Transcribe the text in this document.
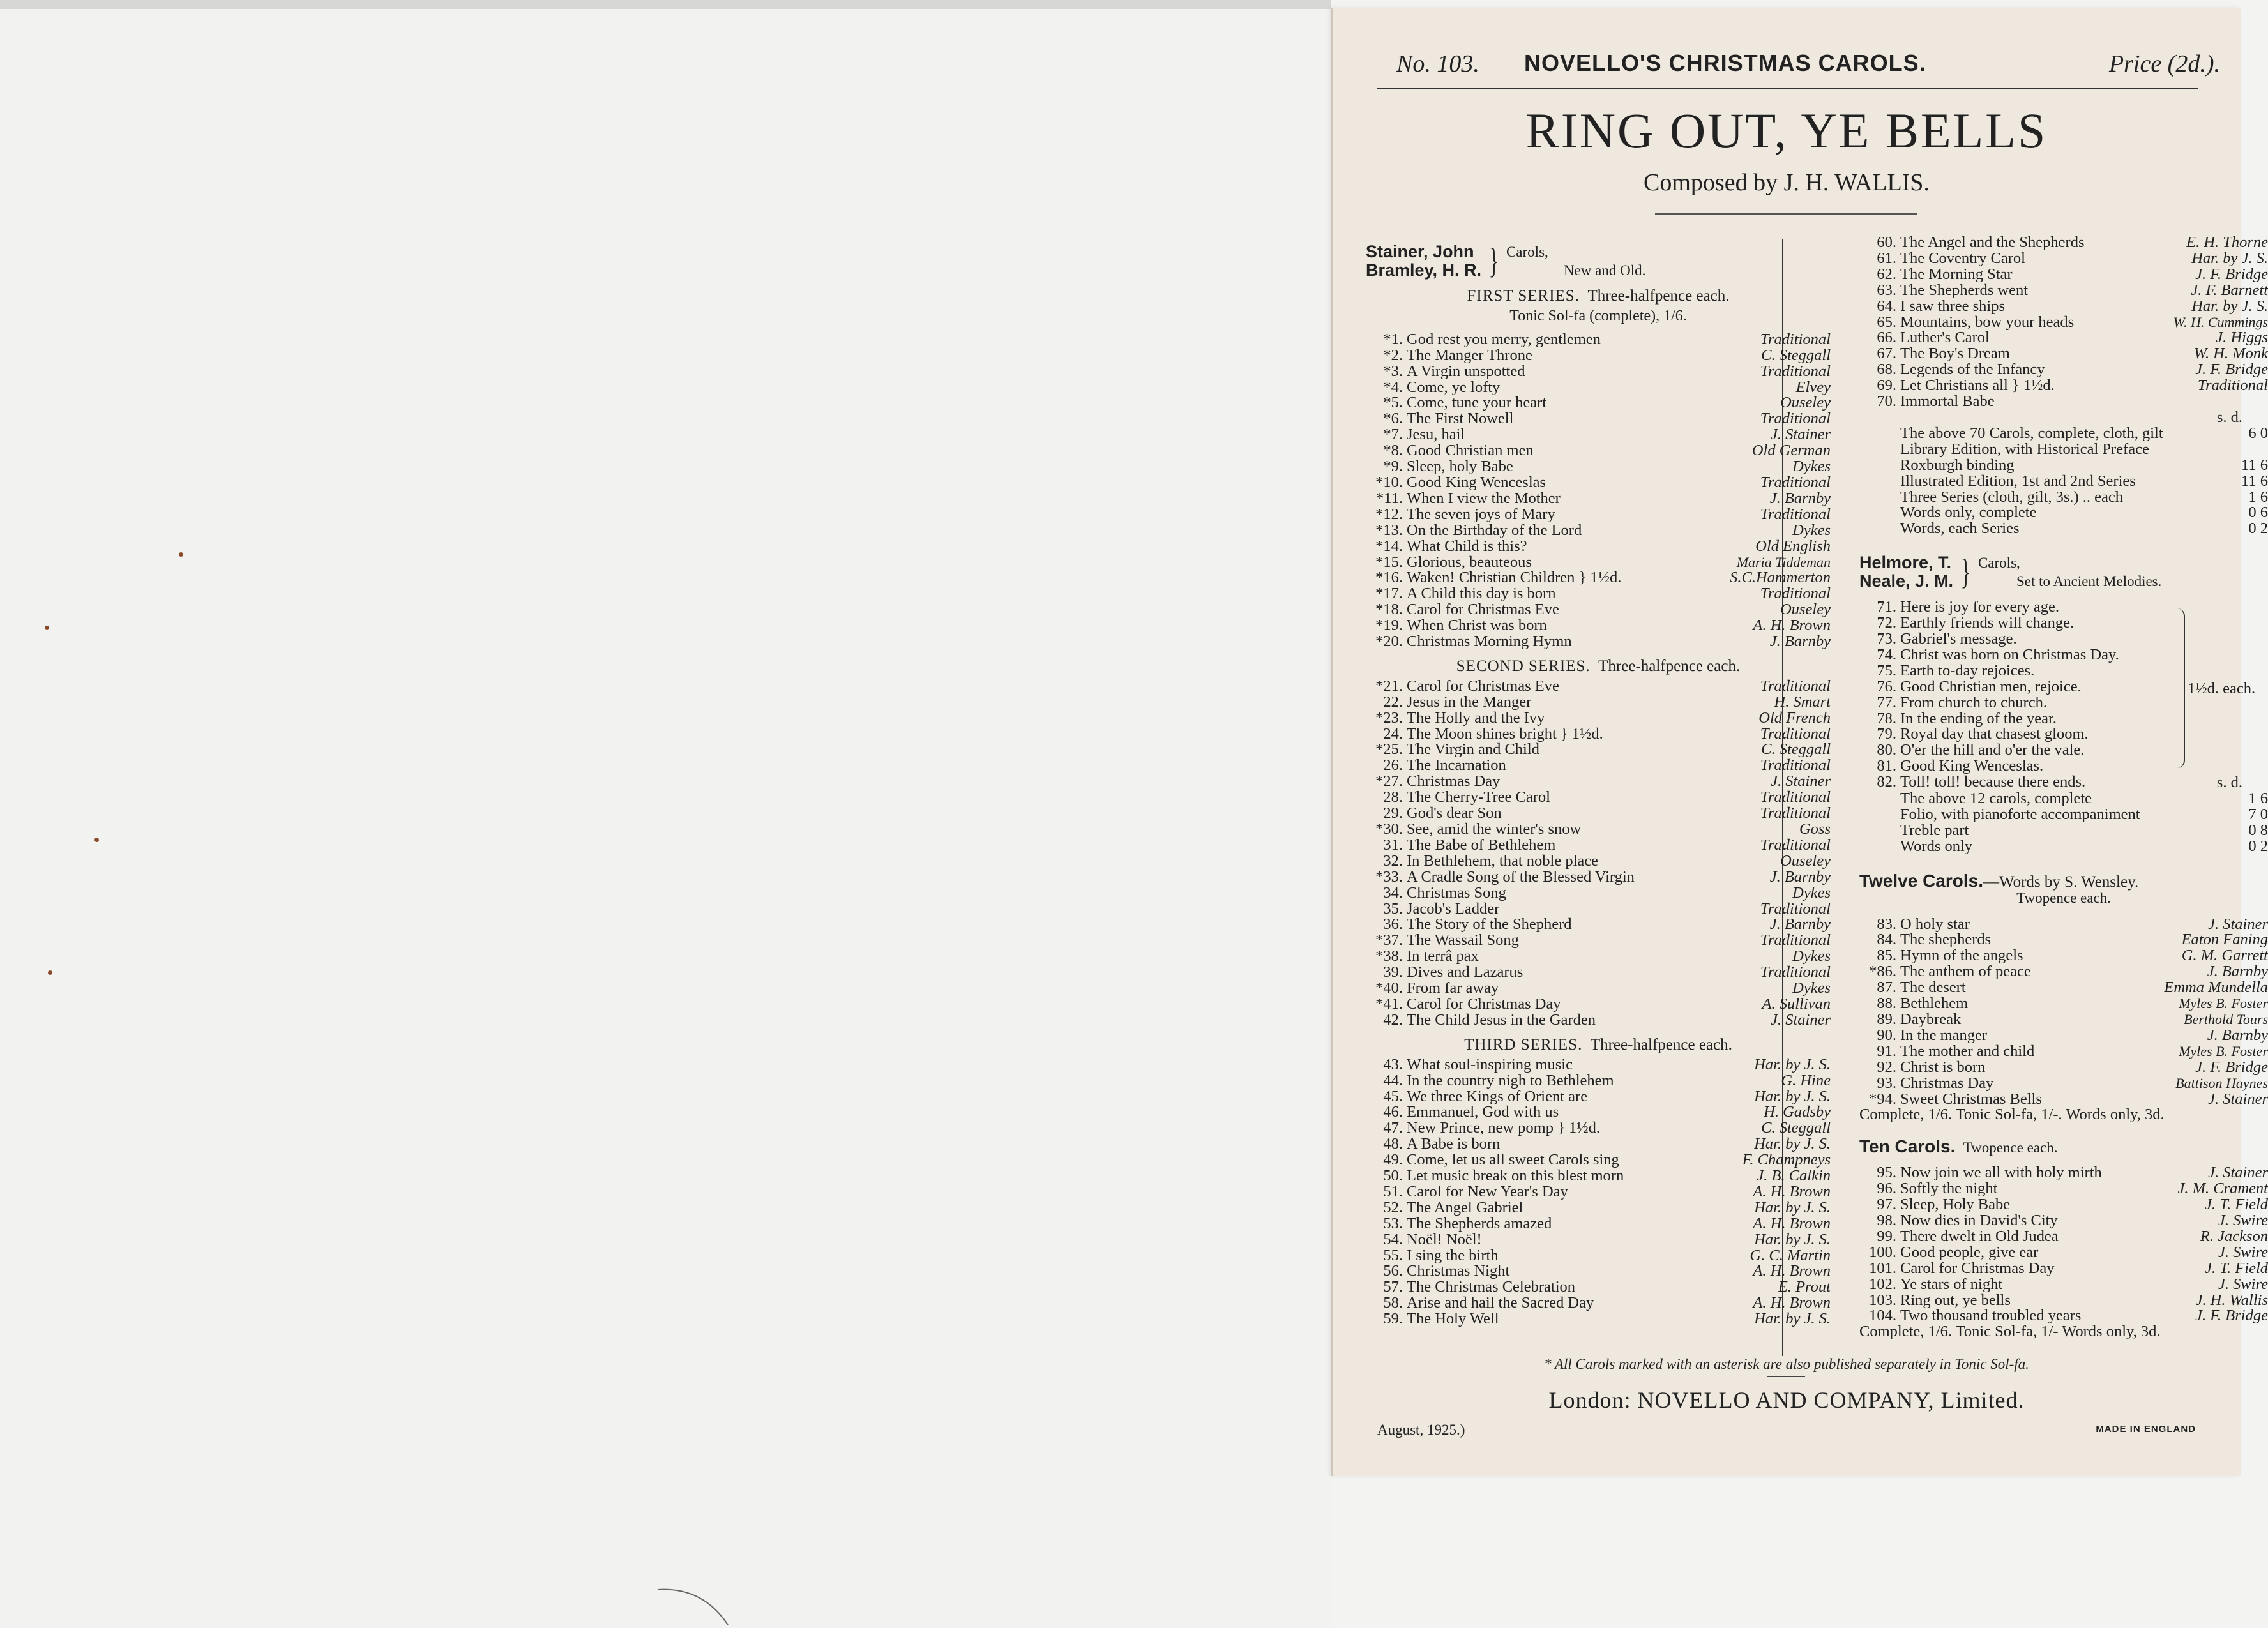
No. 103. NOVELLO'S CHRISTMAS CAROLS.	Price (2d.).
RING OUT, YE BELLS
Composed by J. H. WALLIS.
Stainer, John
Bramley, H. R. } Carols,
New and Old.
FIRST SERIES. Three-halfpence each.
Tonic Sol-fa (complete), 1/6.
*1. God rest you merry, gentlemen	Traditional
*2. The Manger Throne	C. Steggall
*3. A Virgin unspotted	Traditional
*4. Come, ye lofty	Elvey
*5. Come, tune your heart	Ouseley
*6. The First Nowell	Traditional
*7. Jesu, hail	J. Stainer
*8. Good Christian men	Old German
*9. Sleep, holy Babe	Dykes
*10. Good King Wenceslas	Traditional
*11. When I view the Mother	J. Barnby
*12. The seven joys of Mary	Traditional
*13. On the Birthday of the Lord	Dykes
*14. What Child is this?	Old English
*15. Glorious, beauteous	Maria Tiddeman
*16. Waken! Christian Children } 1½d.	S.C.Hammerton
*17. A Child this day is born	Traditional
*18. Carol for Christmas Eve	Ouseley
*19. When Christ was born	A. H. Brown
*20. Christmas Morning Hymn	J. Barnby
SECOND SERIES. Three-halfpence each.
*21. Carol for Christmas Eve	Traditional
22. Jesus in the Manger	H. Smart
*23. The Holly and the Ivy	Old French
24. The Moon shines bright } 1½d.	Traditional
*25. The Virgin and Child	C. Steggall
26. The Incarnation	Traditional
*27. Christmas Day	J. Stainer
28. The Cherry-Tree Carol	Traditional
29. God's dear Son	Traditional
*30. See, amid the winter's snow	Goss
31. The Babe of Bethlehem	Traditional
32. In Bethlehem, that noble place	Ouseley
*33. A Cradle Song of the Blessed Virgin	J. Barnby
34. Christmas Song	Dykes
35. Jacob's Ladder	Traditional
36. The Story of the Shepherd	J. Barnby
*37. The Wassail Song	Traditional
*38. In terrâ pax	Dykes
39. Dives and Lazarus	Traditional
*40. From far away	Dykes
*41. Carol for Christmas Day	A. Sullivan
42. The Child Jesus in the Garden	J. Stainer
THIRD SERIES. Three-halfpence each.
43. What soul-inspiring music	Har. by J. S.
44. In the country nigh to Bethlehem	G. Hine
45. We three Kings of Orient are	Har. by J. S.
46. Emmanuel, God with us	H. Gadsby
47. New Prince, new pomp } 1½d.	C. Steggall
48. A Babe is born	Har. by J. S.
49. Come, let us all sweet Carols sing	F. Champneys
50. Let music break on this blest morn	J. B. Calkin
51. Carol for New Year's Day	A. H. Brown
52. The Angel Gabriel	Har. by J. S.
53. The Shepherds amazed	A. H. Brown
54. Noël! Noël!	Har. by J. S.
55. I sing the birth	G. C. Martin
56. Christmas Night	A. H. Brown
57. The Christmas Celebration	E. Prout
58. Arise and hail the Sacred Day	A. H. Brown
59. The Holy Well	Har. by J. S.
60. The Angel and the Shepherds	E. H. Thorne
61. The Coventry Carol	Har. by J. S.
62. The Morning Star	J. F. Bridge
63. The Shepherds went	J. F. Barnett
64. I saw three ships	Har. by J. S.
65. Mountains, bow your heads	W. H. Cummings
66. Luther's Carol	J. Higgs
67. The Boy's Dream	W. H. Monk
68. Legends of the Infancy	J. F. Bridge
69. Let Christians all } 1½d.	Traditional
70. Immortal Babe
s. d.
The above 70 Carols, complete, cloth, gilt	6 0
Library Edition, with Historical Preface
Roxburgh binding	11 6
Illustrated Edition, 1st and 2nd Series	11 6
Three Series (cloth, gilt, 3s.) .. each	1 6
Words only, complete	0 6
Words, each Series	0 2
Helmore, T.
Neale, J. M. } Carols,
Set to Ancient Melodies.
71. Here is joy for every age.
72. Earthly friends will change.
73. Gabriel's message.
74. Christ was born on Christmas Day.
75. Earth to-day rejoices.
76. Good Christian men, rejoice.
77. From church to church.
78. In the ending of the year.
79. Royal day that chasest gloom.
80. O'er the hill and o'er the vale.
81. Good King Wenceslas.
82. Toll! toll! because there ends.
1½d. each.
s. d.
The above 12 carols, complete	1 6
Folio, with pianoforte accompaniment	7 0
Treble part	0 8
Words only	0 2
Twelve Carols.—Words by S. Wensley.
Twopence each.
83. O holy star	J. Stainer
84. The shepherds	Eaton Faning
85. Hymn of the angels	G. M. Garrett
*86. The anthem of peace	J. Barnby
87. The desert	Emma Mundella
88. Bethlehem	Myles B. Foster
89. Daybreak	Berthold Tours
90. In the manger	J. Barnby
91. The mother and child	Myles B. Foster
92. Christ is born	J. F. Bridge
93. Christmas Day	Battison Haynes
*94. Sweet Christmas Bells	J. Stainer
Complete, 1/6. Tonic Sol-fa, 1/-. Words only, 3d.
Ten Carols. Twopence each.
95. Now join we all with holy mirth	J. Stainer
96. Softly the night	J. M. Crament
97. Sleep, Holy Babe	J. T. Field
98. Now dies in David's City	J. Swire
99. There dwelt in Old Judea	R. Jackson
100. Good people, give ear	J. Swire
101. Carol for Christmas Day	J. T. Field
102. Ye stars of night	J. Swire
103. Ring out, ye bells	J. H. Wallis
104. Two thousand troubled years	J. F. Bridge
Complete, 1/6. Tonic Sol-fa, 1/- Words only, 3d.
* All Carols marked with an asterisk are also published separately in Tonic Sol-fa.
London: NOVELLO AND COMPANY, Limited.
August, 1925.)	MADE IN ENGLAND
